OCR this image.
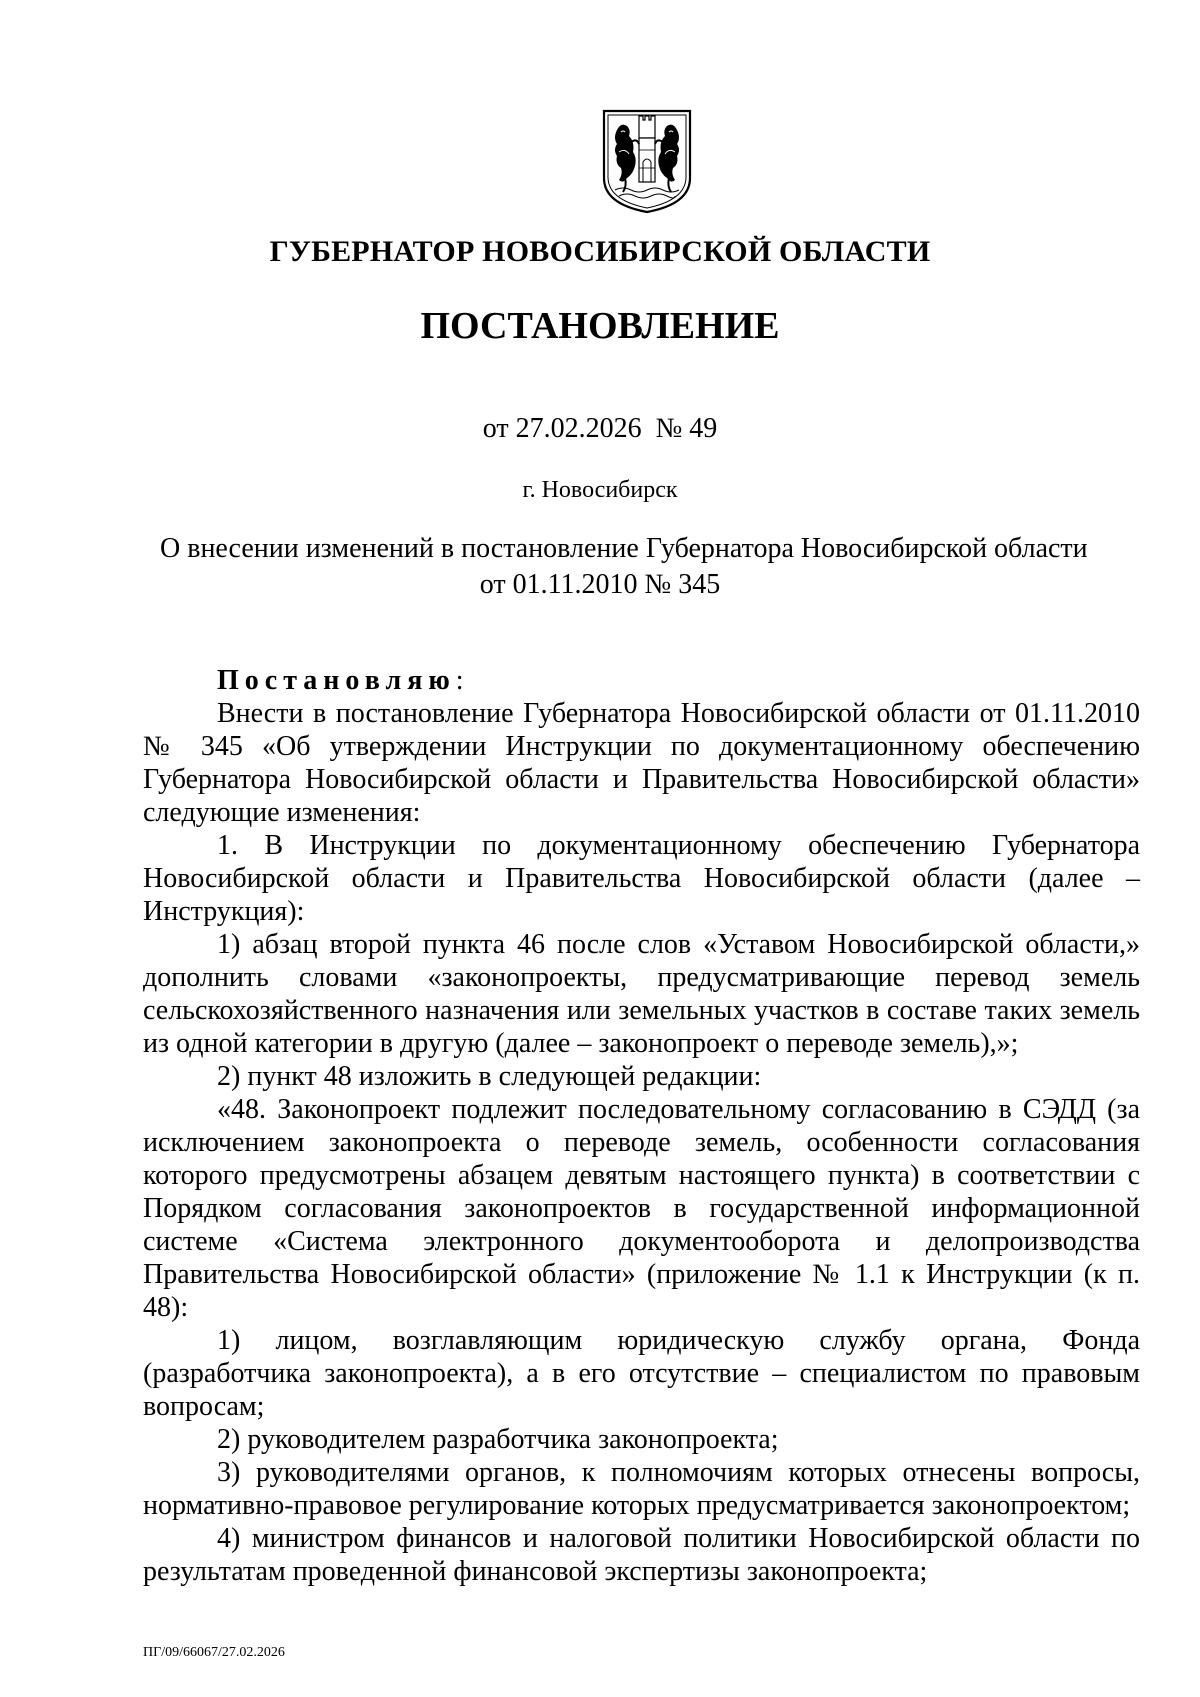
ГУБЕРНАТОР НОВОСИБИРСКОЙ ОБЛАСТИ
ПОСТАНОВЛЕНИЕ
от 27.02.2026 № 49
г. Новосибирск
О внесении изменений в постановление Губернатора Новосибирской области
от 01.11.2010 № 345

Постановляю:

Внести в постановление Губернатора Новосибирской области от 01.11.2010 № 345 «Об утверждении Инструкции по документационному обеспечению Губернатора Новосибирской области и Правительства Новосибирской области» следующие изменения:

1. В Инструкции по документационному обеспечению Губернатора Новосибирской области и Правительства Новосибирской области (далее – Инструкция):

1) абзац второй пункта 46 после слов «Уставом Новосибирской области,» дополнить словами «законопроекты, предусматривающие перевод земель сельскохозяйственного назначения или земельных участков в составе таких земель из одной категории в другую (далее – законопроект о переводе земель),»;

2) пункт 48 изложить в следующей редакции:

«48. Законопроект подлежит последовательному согласованию в СЭДД (за исключением законопроекта о переводе земель, особенности согласования которого предусмотрены абзацем девятым настоящего пункта) в соответствии с Порядком согласования законопроектов в государственной информационной системе «Система электронного документооборота и делопроизводства Правительства Новосибирской области» (приложение № 1.1 к Инструкции (к п. 48):

1) лицом, возглавляющим юридическую службу органа, Фонда (разработчика законопроекта), а в его отсутствие – специалистом по правовым вопросам;

2) руководителем разработчика законопроекта;

3) руководителями органов, к полномочиям которых отнесены вопросы, нормативно-правовое регулирование которых предусматривается законопроектом;

4) министром финансов и налоговой политики Новосибирской области по результатам проведенной финансовой экспертизы законопроекта;

ПГ/09/66067/27.02.2026
